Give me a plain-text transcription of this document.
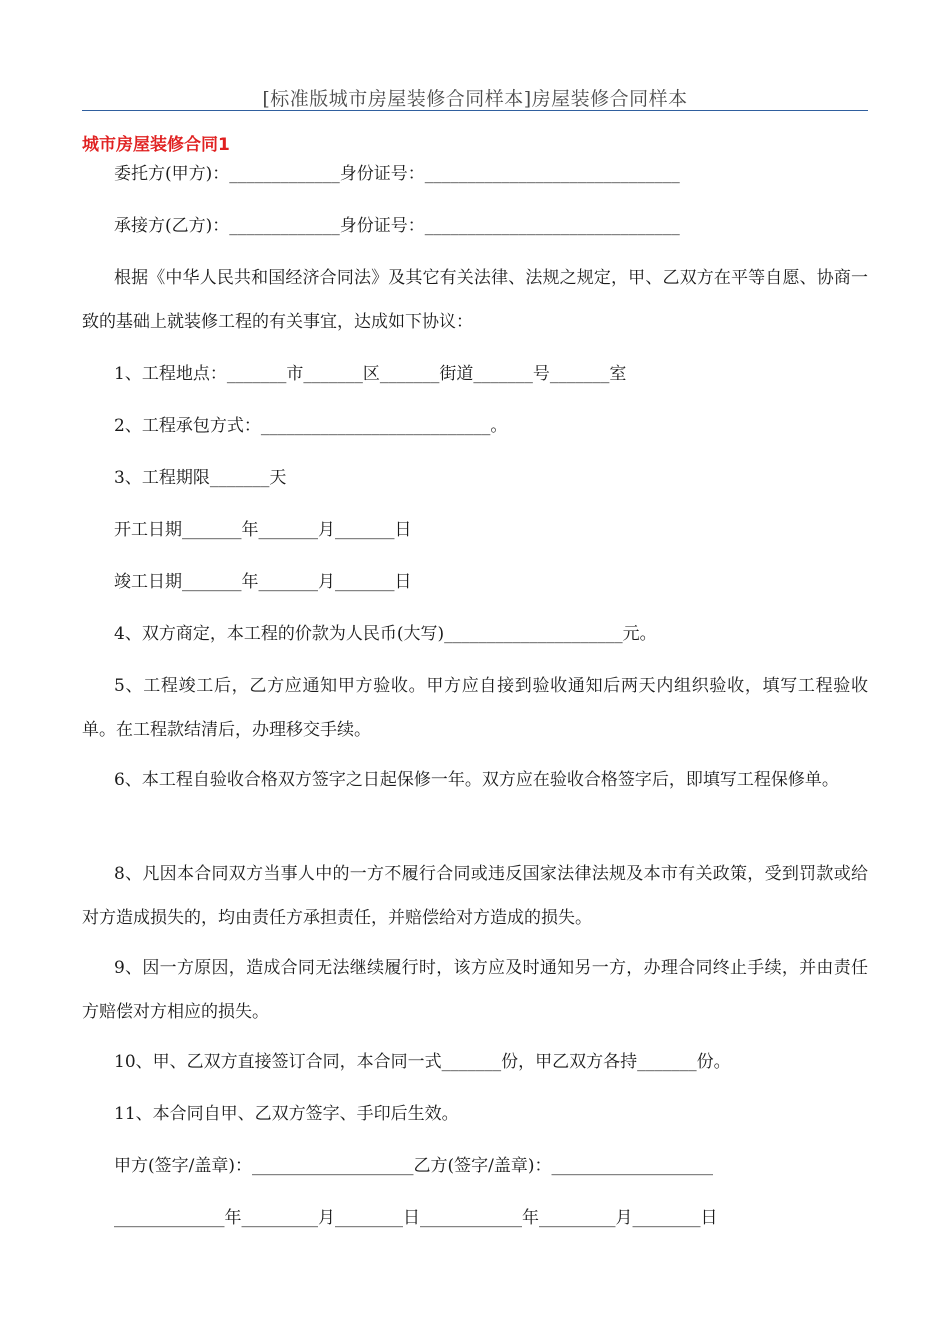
[标准版城市房屋装修合同样本]房屋装修合同样本
城市房屋装修合同1
委托方(甲方)：_____________身份证号：______________________________
承接方(乙方)：_____________身份证号：______________________________
根据《中华人民共和国经济合同法》及其它有关法律、法规之规定，甲、乙双方在平等自愿、协商一致的基础上就装修工程的有关事宜，达成如下协议：
1、工程地点：_______市_______区_______街道_______号_______室
2、工程承包方式：___________________________。
3、工程期限_______天
开工日期_______年_______月_______日
竣工日期_______年_______月_______日
4、双方商定，本工程的价款为人民币(大写)_____________________元。
5、工程竣工后，乙方应通知甲方验收。甲方应自接到验收通知后两天内组织验收，填写工程验收单。在工程款结清后，办理移交手续。
6、本工程自验收合格双方签字之日起保修一年。双方应在验收合格签字后，即填写工程保修单。
8、凡因本合同双方当事人中的一方不履行合同或违反国家法律法规及本市有关政策，受到罚款或给对方造成损失的，均由责任方承担责任，并赔偿给对方造成的损失。
9、因一方原因，造成合同无法继续履行时，该方应及时通知另一方，办理合同终止手续，并由责任方赔偿对方相应的损失。
10、甲、乙双方直接签订合同，本合同一式_______份，甲乙双方各持_______份。
11、本合同自甲、乙双方签字、手印后生效。
甲方(签字/盖章)：___________________乙方(签字/盖章)：___________________
_____________年_________月________日____________年_________月________日
